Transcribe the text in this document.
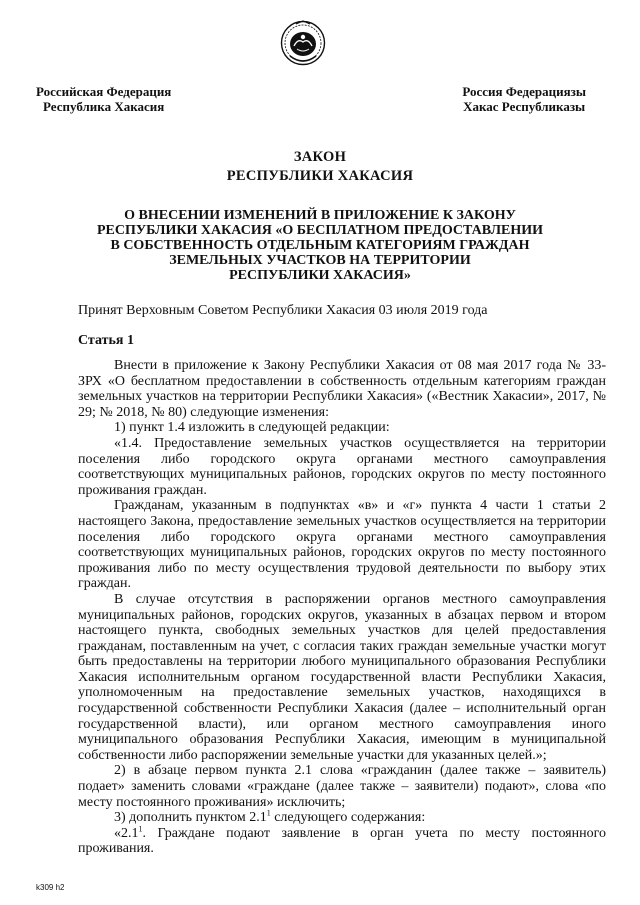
Российская Федерация
Республика Хакасия
Россия Федерациязы
Хакас Республиказы
ЗАКОН
РЕСПУБЛИКИ ХАКАСИЯ
О ВНЕСЕНИИ ИЗМЕНЕНИЙ В ПРИЛОЖЕНИЕ К ЗАКОНУ
РЕСПУБЛИКИ ХАКАСИЯ «О БЕСПЛАТНОМ ПРЕДОСТАВЛЕНИИ
В СОБСТВЕННОСТЬ ОТДЕЛЬНЫМ КАТЕГОРИЯМ ГРАЖДАН
ЗЕМЕЛЬНЫХ УЧАСТКОВ НА ТЕРРИТОРИИ
РЕСПУБЛИКИ ХАКАСИЯ»
Принят Верховным Советом Республики Хакасия 03 июля 2019 года
Статья 1

Внести в приложение к Закону Республики Хакасия от 08 мая 2017 года № 33-ЗРХ «О бесплатном предоставлении в собственность отдельным категориям граждан земельных участков на территории Республики Хакасия» («Вестник Хакасии», 2017, № 29; № 2018, № 80) следующие изменения:

1) пункт 1.4 изложить в следующей редакции:

«1.4. Предоставление земельных участков осуществляется на территории поселения либо городского округа органами местного самоуправления соответствующих муниципальных районов, городских округов по месту постоянного проживания граждан.

Гражданам, указанным в подпунктах «в» и «г» пункта 4 части 1 статьи 2 настоящего Закона, предоставление земельных участков осуществляется на территории поселения либо городского округа органами местного самоуправления соответствующих муниципальных районов, городских округов по месту постоянного проживания либо по месту осуществления трудовой деятельности по выбору этих граждан.

В случае отсутствия в распоряжении органов местного самоуправления муниципальных районов, городских округов, указанных в абзацах первом и втором настоящего пункта, свободных земельных участков для целей предоставления гражданам, поставленным на учет, с согласия таких граждан земельные участки могут быть предоставлены на территории любого муниципального образования Республики Хакасия исполнительным органом государственной власти Республики Хакасия, уполномоченным на предоставление земельных участков, находящихся в государственной собственности Республики Хакасия (далее – исполнительный орган государственной власти), или органом местного самоуправления иного муниципального образования Республики Хакасия, имеющим в муниципальной собственности либо распоряжении земельные участки для указанных целей.»;

2) в абзаце первом пункта 2.1 слова «гражданин (далее также – заявитель) подает» заменить словами «граждане (далее также – заявители) подают», слова «по месту постоянного проживания» исключить;

3) дополнить пунктом $2.1^1$ следующего содержания:

«$2.1^1$. Граждане подают заявление в орган учета по месту постоянного проживания.

k309 h2
